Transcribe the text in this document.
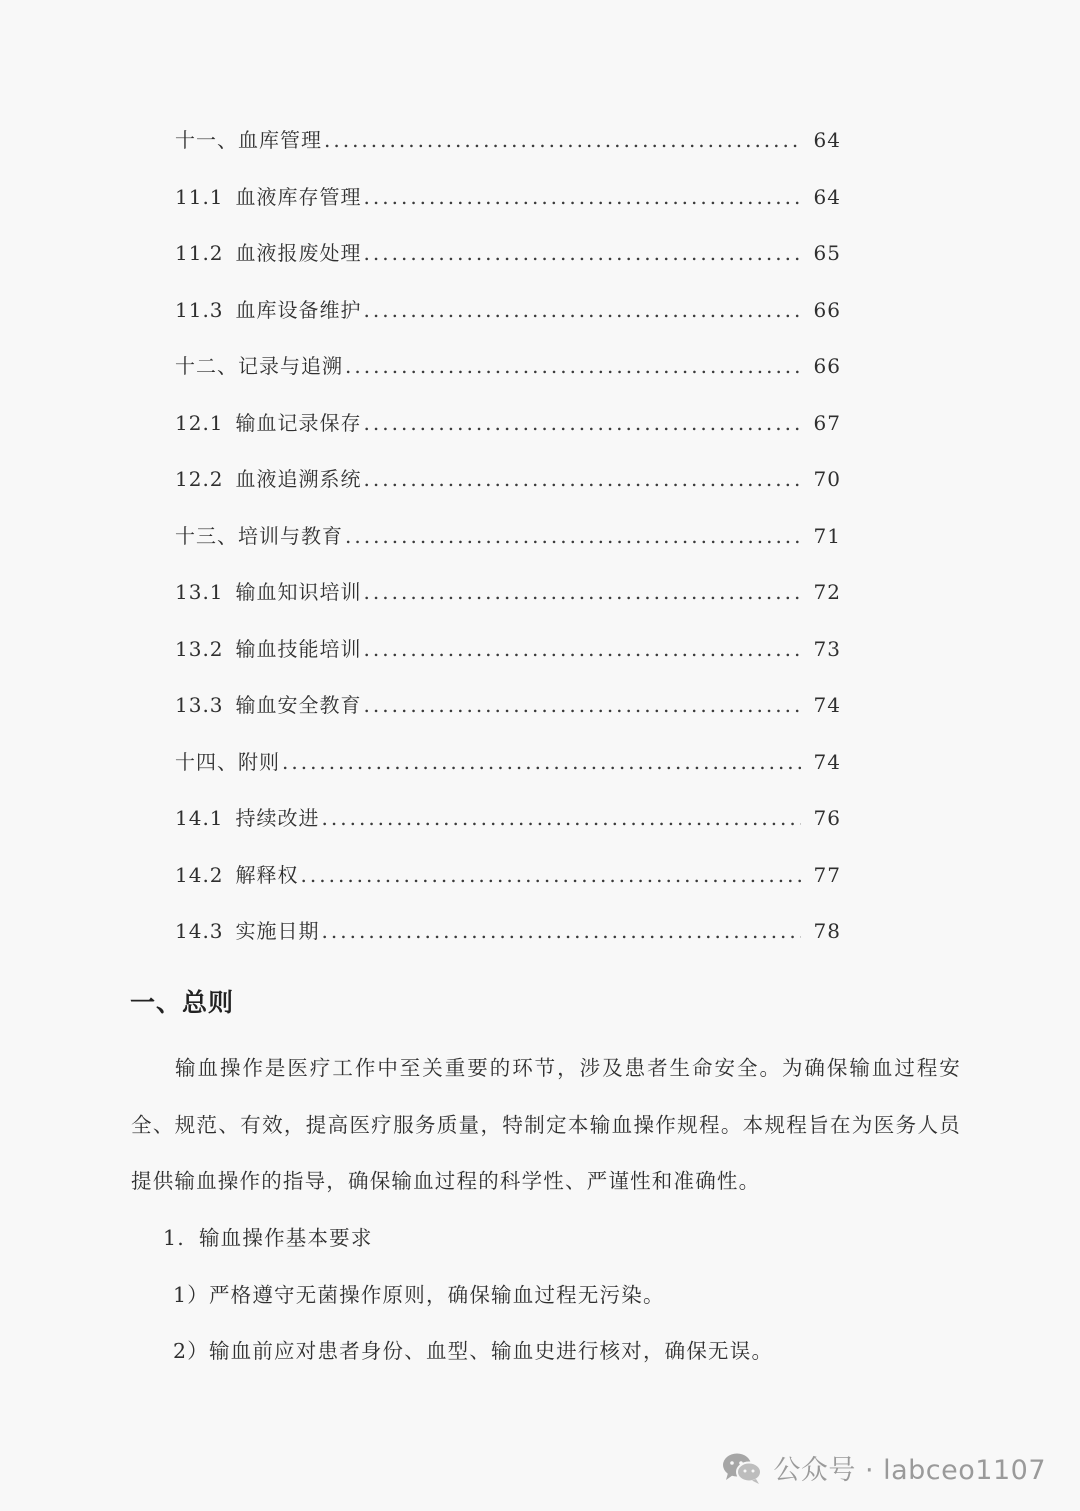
十一、血库管理 .....	64
11.1 血液库存管理 .....	64
11.2 血液报废处理 .....	65
11.3 血库设备维护 .....	66
十二、记录与追溯 .....	66
12.1 输血记录保存 .....	67
12.2 血液追溯系统 .....	70
十三、培训与教育 .....	71
13.1 输血知识培训 .....	72
13.2 输血技能培训 .....	73
13.3 输血安全教育 .....	74
十四、附则 .....	74
14.1 持续改进 .....	76
14.2 解释权 .....	77
14.3 实施日期 .....	78
一、总则
输血操作是医疗工作中至关重要的环节，涉及患者生命安全。为确保输血过程安全、规范、有效，提高医疗服务质量，特制定本输血操作规程。本规程旨在为医务人员提供输血操作的指导，确保输血过程的科学性、严谨性和准确性。
1. 输血操作基本要求
1）严格遵守无菌操作原则，确保输血过程无污染。
2）输血前应对患者身份、血型、输血史进行核对，确保无误。
公众号 · labceo1107
